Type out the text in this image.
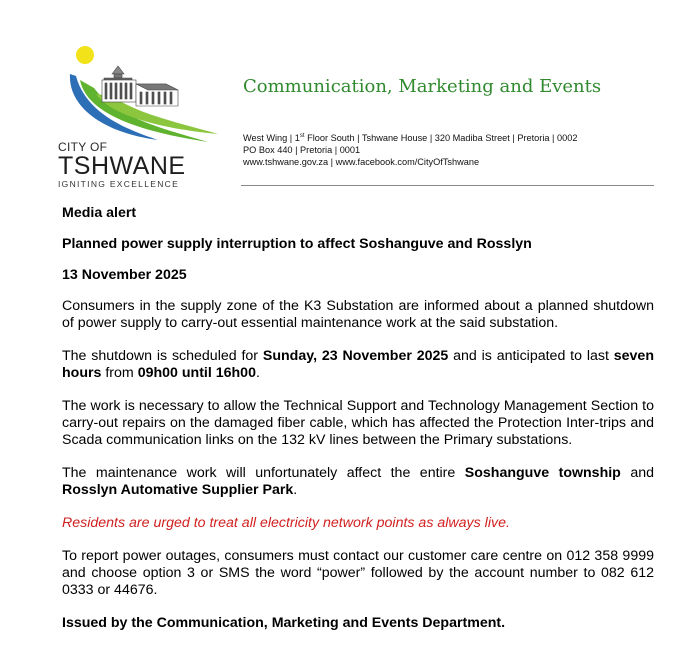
CITY OF
TSHWANE
IGNITING EXCELLENCE
Communication, Marketing and Events
West Wing | 1st Floor South | Tshwane House | 320 Madiba Street | Pretoria | 0002
PO Box 440 | Pretoria | 0001
www.tshwane.gov.za | www.facebook.com/CityOfTshwane

Media alert

Planned power supply interruption to affect Soshanguve and Rosslyn

13 November 2025

Consumers in the supply zone of the K3 Substation are informed about a planned shutdown of power supply to carry-out essential maintenance work at the said substation.

The shutdown is scheduled for Sunday, 23 November 2025 and is anticipated to last seven hours from 09h00 until 16h00.

The work is necessary to allow the Technical Support and Technology Management Section to carry-out repairs on the damaged fiber cable, which has affected the Protection Inter-trips and Scada communication links on the 132 kV lines between the Primary substations.

The maintenance work will unfortunately affect the entire Soshanguve township and Rosslyn Automative Supplier Park.

Residents are urged to treat all electricity network points as always live.

To report power outages, consumers must contact our customer care centre on 012 358 9999 and choose option 3 or SMS the word “power” followed by the account number to 082 612 0333 or 44676.

Issued by the Communication, Marketing and Events Department.
